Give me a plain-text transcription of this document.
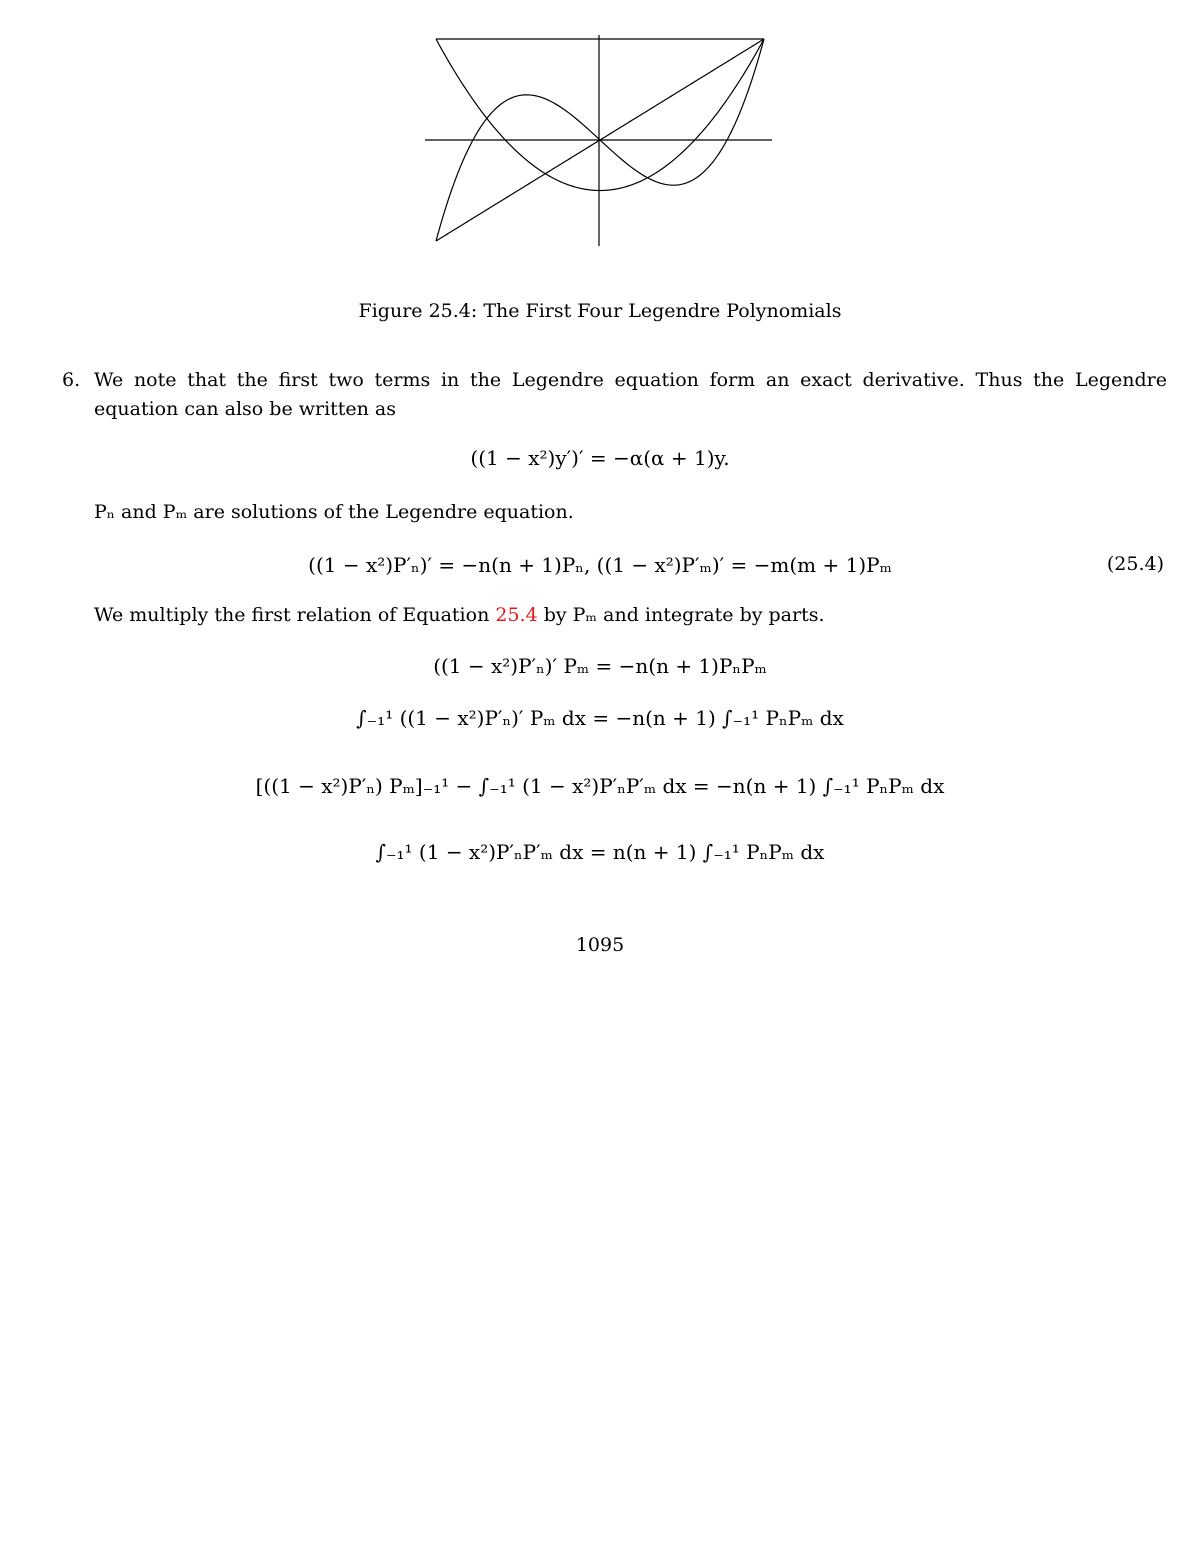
Figure 25.4: The First Four Legendre Polynomials
6. We note that the first two terms in the Legendre equation form an exact derivative. Thus the Legendre equation can also be written as
((1 − x²)y′)′ = −α(α + 1)y.
Pₙ and Pₘ are solutions of the Legendre equation.
((1 − x²)P′ₙ)′ = −n(n + 1)Pₙ, ((1 − x²)P′ₘ)′ = −m(m + 1)Pₘ	(25.4)
We multiply the first relation of Equation 25.4 by Pₘ and integrate by parts.
((1 − x²)P′ₙ)′ Pₘ = −n(n + 1)PₙPₘ
∫₋₁¹ ((1 − x²)P′ₙ)′ Pₘ dx = −n(n + 1) ∫₋₁¹ PₙPₘ dx
[((1 − x²)P′ₙ) Pₘ]₋₁¹ − ∫₋₁¹ (1 − x²)P′ₙP′ₘ dx = −n(n + 1) ∫₋₁¹ PₙPₘ dx
∫₋₁¹ (1 − x²)P′ₙP′ₘ dx = n(n + 1) ∫₋₁¹ PₙPₘ dx
1095
